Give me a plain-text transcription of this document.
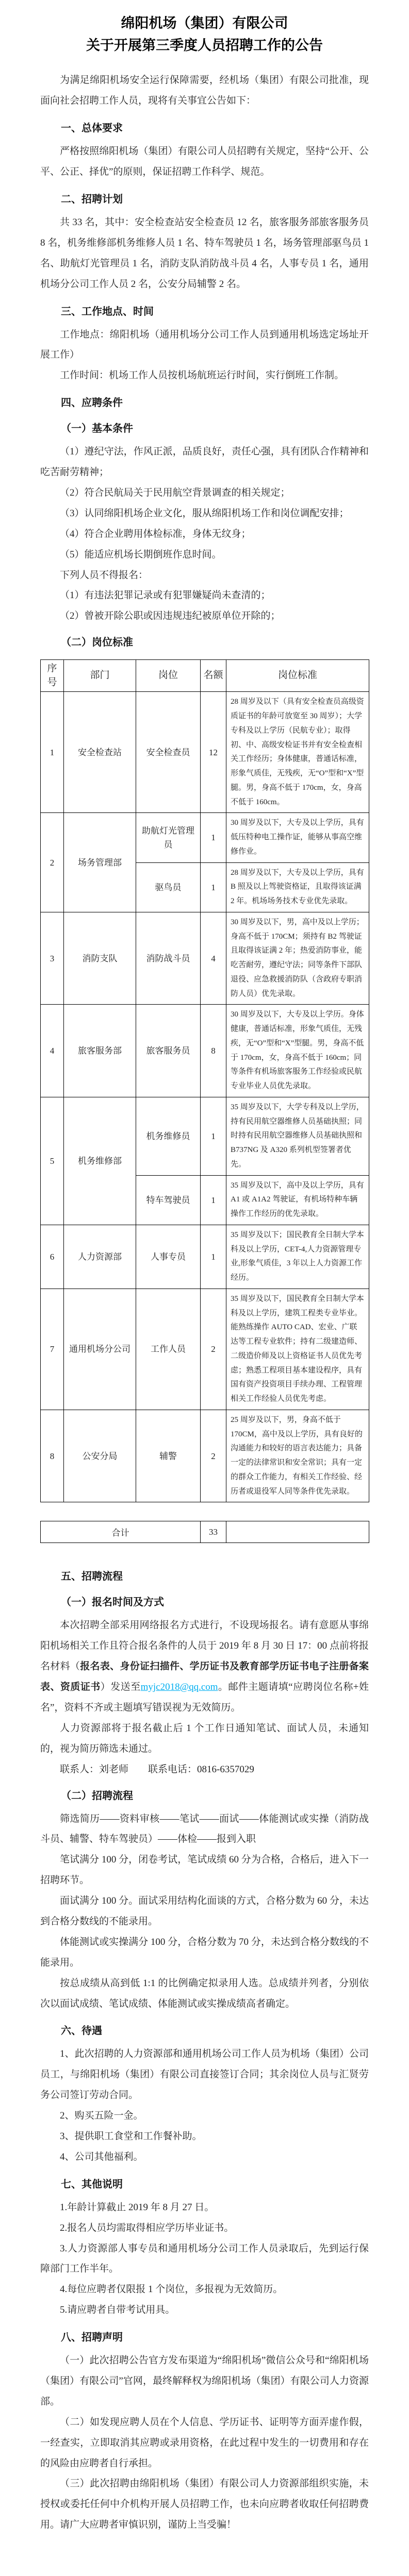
绵阳机场（集团）有限公司
关于开展第三季度人员招聘工作的公告

为满足绵阳机场安全运行保障需要，经机场（集团）有限公司批准，现面向社会招聘工作人员，现将有关事宜公告如下：

一、总体要求

严格按照绵阳机场（集团）有限公司人员招聘有关规定，坚持“公开、公平、公正、择优”的原则，保证招聘工作科学、规范。

二、招聘计划

共 33 名，其中：安全检查站安全检查员 12 名，旅客服务部旅客服务员 8 名，机务维修部机务维修人员 1 名、特车驾驶员 1 名，场务管理部驱鸟员 1 名、助航灯光管理员 1 名，消防支队消防战斗员 4 名，人事专员 1 名，通用机场分公司工作人员 2 名，公安分局辅警 2 名。

三、工作地点、时间

工作地点：绵阳机场（通用机场分公司工作人员到通用机场选定场址开展工作）

工作时间：机场工作人员按机场航班运行时间，实行倒班工作制。

四、应聘条件
（一）基本条件

（1）遵纪守法，作风正派，品质良好，责任心强，具有团队合作精神和吃苦耐劳精神；

（2）符合民航局关于民用航空背景调查的相关规定；

（3）认同绵阳机场企业文化，服从绵阳机场工作和岗位调配安排；

（4）符合企业聘用体检标准，身体无纹身；

（5）能适应机场长期倒班作息时间。

下列人员不得报名：

（1）有违法犯罪记录或有犯罪嫌疑尚未查清的；

（2）曾被开除公职或因违规违纪被原单位开除的；

（二）岗位标准
序号	部门	岗位	名额	岗位标准
1	安全检查站	安全检查员	12	28 周岁及以下（具有安全检查员高级资质证书的年龄可放宽至 30 周岁）；大学专科及以上学历（民航专业）；取得初、中、高级安检证书并有安全检查相关工作经历；身体健康，普通话标准，形象气质佳，无残疾，无“O”型和“X”型腿。男，身高不低于 170cm，女，身高不低于 160cm。
2	场务管理部	助航灯光管理员	1	30 周岁及以下，大专及以上学历，具有低压特种电工操作证，能够从事高空维修作业。
		驱鸟员	1	28 周岁及以下，大专及以上学历，具有 B 照及以上驾驶资格证，且取得该证满 2 年。机场场务技术专业优先录取。
3	消防支队	消防战斗员	4	30 周岁及以下，男，高中及以上学历；身高不低于 170CM；须持有 B2 驾驶证且取得该证满 2 年；热爱消防事业，能吃苦耐劳，遵纪守法；同等条件下部队退役、应急救援消防队（含政府专职消防人员）优先录取。
4	旅客服务部	旅客服务员	8	30 周岁及以下，大专及以上学历。身体健康，普通话标准，形象气质佳，无残疾，无“O”型和“X”型腿。男，身高不低于 170cm，女，身高不低于 160cm；同等条件有机场旅客服务工作经验或民航专业毕业人员优先录取。
5	机务维修部	机务维修员	1	35 周岁及以下，大学专科及以上学历，持有民用航空器维修人员基础执照；同时持有民用航空器维修人员基础执照和 B737NG 及 A320 系列机型签署者优先。
		特车驾驶员	1	35 周岁及以下，高中及以上学历，具有 A1 或 A1A2 驾驶证，有机场特种车辆操作工作经历的优先录取。
6	人力资源部	人事专员	1	35 周岁及以下；国民教育全日制大学本科及以上学历，CET-4,人力资源管理专业,形象气质佳，3 年以上人力资源工作经历。
7	通用机场分公司	工作人员	2	35 周岁及以下，国民教育全日制大学本科及以上学历，建筑工程类专业毕业。能熟练操作 AUTO CAD、宏业、广联达等工程专业软件；持有二级建造师、二级造价师及以上资格证书人员优先考虑；熟悉工程项目基本建设程序，具有国有资产投资项目手续办理、工程管理相关工作经验人员优先考虑。
8	公安分局	辅警	2	25 周岁及以下，男，身高不低于 170CM，高中及以上学历，具有良好的沟通能力和较好的语言表达能力；具备一定的法律常识和安全常识；具有一定的群众工作能力，有相关工作经验、经历者或退役军人同等条件优先录取。
合计	33	
五、招聘流程
（一）报名时间及方式

本次招聘全部采用网络报名方式进行，不设现场报名。请有意愿从事绵阳机场相关工作且符合报名条件的人员于 2019 年 8 月 30 日 17：00 点前将报名材料（报名表、身份证扫描件、学历证书及教育部学历证书电子注册备案表、资质证书）发送至myjc2018@qq.com。邮件主题请填“应聘岗位名称+姓名”，资料不齐或主题填写错误视为无效简历。

人力资源部将于报名截止后 1 个工作日通知笔试、面试人员，未通知的，视为简历筛选未通过。

联系人：刘老师　　联系电话：0816-6357029

（二）招聘流程

筛选简历——资料审核——笔试——面试——体能测试或实操（消防战斗员、辅警、特车驾驶员）——体检——报到入职

笔试满分 100 分，闭卷考试，笔试成绩 60 分为合格，合格后，进入下一招聘环节。

面试满分 100 分。面试采用结构化面谈的方式，合格分数为 60 分，未达到合格分数线的不能录用。

体能测试或实操满分 100 分，合格分数为 70 分，未达到合格分数线的不能录用。

按总成绩从高到低 1:1 的比例确定拟录用人选。总成绩并列者，分别依次以面试成绩、笔试成绩、体能测试或实操成绩高者确定。

六、待遇

1、此次招聘的人力资源部和通用机场公司工作人员为机场（集团）公司员工，与绵阳机场（集团）有限公司直接签订合同；其余岗位人员与汇贤劳务公司签订劳动合同。

2、购买五险一金。

3、提供职工食堂和工作餐补助。

4、公司其他福利。

七、其他说明

1.年龄计算截止 2019 年 8 月 27 日。

2.报名人员均需取得相应学历毕业证书。

3.人力资源部人事专员和通用机场分公司工作人员录取后，先到运行保障部门工作半年。

4.每位应聘者仅限报 1 个岗位，多报视为无效简历。

5.请应聘者自带考试用具。

八、招聘声明

（一）此次招聘公告官方发布渠道为“绵阳机场”微信公众号和“绵阳机场（集团）有限公司”官网，最终解释权为绵阳机场（集团）有限公司人力资源部。

（二）如发现应聘人员在个人信息、学历证书、证明等方面弄虚作假，一经查实，立即取消其应聘或录用资格，在此过程中发生的一切费用和存在的风险由应聘者自行承担。

（三）此次招聘由绵阳机场（集团）有限公司人力资源部组织实施，未授权或委托任何中介机构开展人员招聘工作，也未向应聘者收取任何招聘费用。请广大应聘者审慎识别，谨防上当受骗！
